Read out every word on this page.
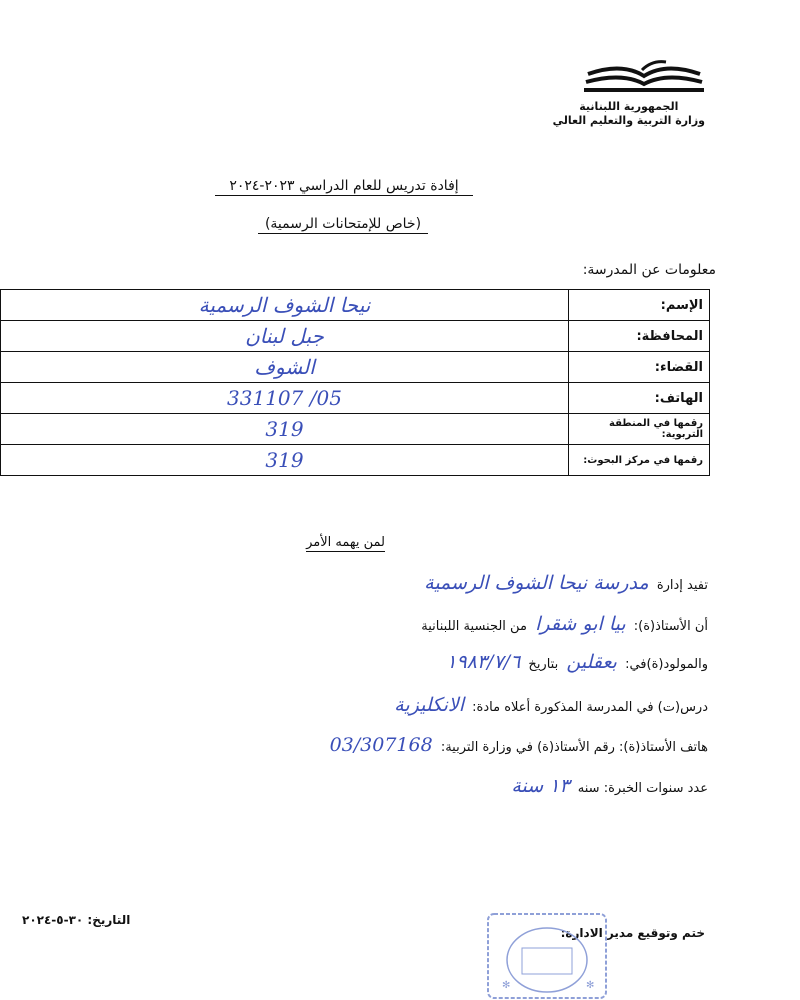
الجمهورية اللبنانية
وزارة التربية والتعليم العالي
إفادة تدريس للعام الدراسي ٢٠٢٣-٢٠٢٤
(خاص للإمتحانات الرسمية)
معلومات عن المدرسة:
الإسم:	نيحا الشوف الرسمية
المحافظة:	جبل لبنان
القضاء:	الشوف
الهاتف:	05/ 331107
رقمها في المنطقة التربوية:	319
رقمها في مركز البحوث:	319
لمن يهمه الأمر
تفيد إدارة مدرسة نيحا الشوف الرسمية
أن الأستاذ(ة): بيا ابو شقرا من الجنسية اللبنانية
والمولود(ة)في: بعقلين بتاريخ ١٩٨٣/٧/٦
درس(ت) في المدرسة المذكورة أعلاه مادة: الانكليزية
هاتف الأستاذ(ة): رقم الأستاذ(ة) في وزارة التربية: 03/307168
عدد سنوات الخبرة: سنه ١٣ سنة
التاريخ: ٣٠-٥-٢٠٢٤
ختم وتوقيع مدير الادارة:
✻	✻
